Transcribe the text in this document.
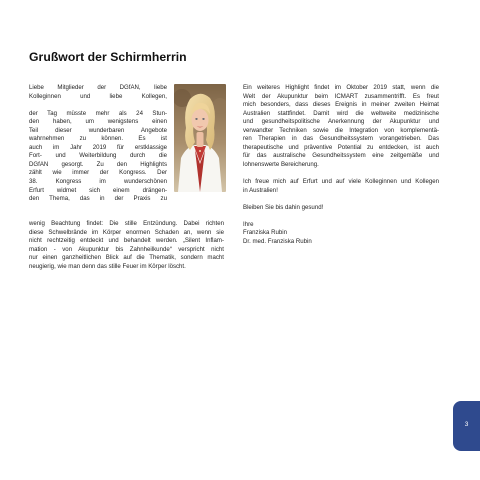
Grußwort der Schirmherrin

Liebe Mitglieder der DGfAN, liebe

Kolleginnen und liebe Kollegen,

der Tag müsste mehr als 24 Stun-

den haben, um wenigstens einen

Teil dieser wunderbaren Angebote

wahrnehmen zu können. Es ist

auch im Jahr 2019 für erstklassige

Fort- und Weiterbildung durch die

DGfAN gesorgt. Zu den Highlights

zählt wie immer der Kongress. Der

38. Kongress im wunderschönen

Erfurt widmet sich einem drängen-

den Thema, das in der Praxis zu

wenig Beachtung findet: Die stille Entzündung. Dabei richten

diese Schwelbrände im Körper enormen Schaden an, wenn sie

nicht rechtzeitig entdeckt und behandelt werden. „Silent Inflam-

mation - von Akupunktur bis Zahnheilkunde“ verspricht nicht

nur einen ganzheitlichen Blick auf die Thematik, sondern macht

neugierig, wie man denn das stille Feuer im Körper löscht.

Ein weiteres Highlight findet im Oktober 2019 statt, wenn die

Welt der Akupunktur beim ICMART zusammentrifft. Es freut

mich besonders, dass dieses Ereignis in meiner zweiten Heimat

Australien stattfindet. Damit wird die weltweite medizinische

und gesundheitspolitische Anerkennung der Akupunktur und

verwandter Techniken sowie die Integration von komplementä-

ren Therapien in das Gesundheitssystem vorangetrieben. Das

therapeutische und präventive Potential zu entdecken, ist auch

für das australische Gesundheitssystem eine zeitgemäße und

lohnenswerte Bereicherung.

Ich freue mich auf Erfurt und auf viele Kolleginnen und Kollegen

in Australien!

Bleiben Sie bis dahin gesund!

Ihre

Franziska Rubin

Dr. med. Franziska Rubin

3
